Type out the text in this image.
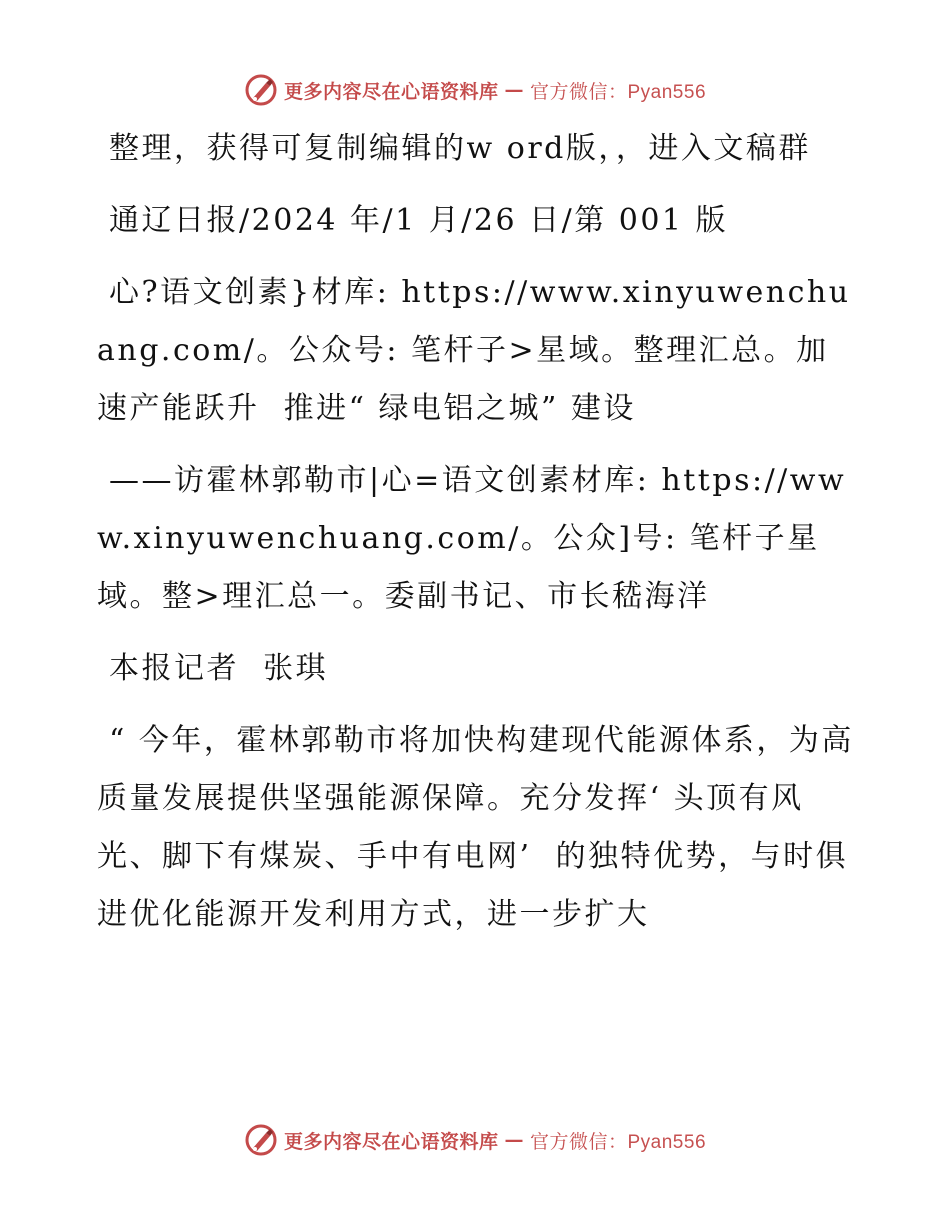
更多内容尽在心语资料库 — 官方微信：Pyan556

整理，获得可复制编辑的w ord版，，进入文稿群

通辽日报/2024 年/1 月/26 日/第 001 版

心?语文创素}材库: https://www.xinyuwenchuang.com/。公众号: 笔杆子>星域。整理汇总。加速产能跃升  推进“ 绿电铝之城” 建设

——访霍林郭勒市|心=语文创素材库: https://www.xinyuwenchuang.com/。公众]号: 笔杆子星域。整>理汇总一。委副书记、市长嵇海洋

本报记者  张琪

“ 今年，霍林郭勒市将加快构建现代能源体系，为高质量发展提供坚强能源保障。充分发挥‘ 头顶有风光、脚下有煤炭、手中有电网’  的独特优势，与时俱进优化能源开发利用方式，进一步扩大

更多内容尽在心语资料库 — 官方微信：Pyan556
